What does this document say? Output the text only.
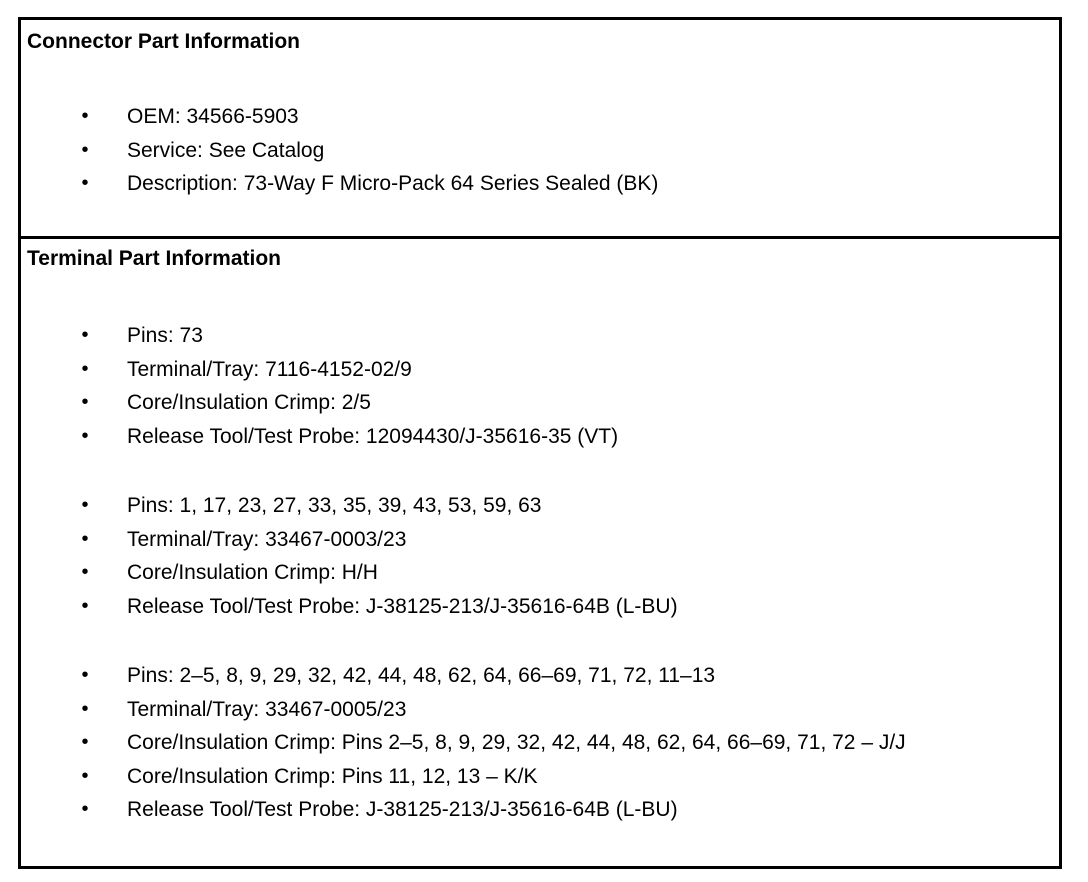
Connector Part Information
• OEM: 34566-5903
• Service: See Catalog
• Description: 73-Way F Micro-Pack 64 Series Sealed (BK)
Terminal Part Information
• Pins: 73
• Terminal/Tray: 7116-4152-02/9
• Core/Insulation Crimp: 2/5
• Release Tool/Test Probe: 12094430/J-35616-35 (VT)
• Pins: 1, 17, 23, 27, 33, 35, 39, 43, 53, 59, 63
• Terminal/Tray: 33467-0003/23
• Core/Insulation Crimp: H/H
• Release Tool/Test Probe: J-38125-213/J-35616-64B (L-BU)
• Pins: 2–5, 8, 9, 29, 32, 42, 44, 48, 62, 64, 66–69, 71, 72, 11–13
• Terminal/Tray: 33467-0005/23
• Core/Insulation Crimp: Pins 2–5, 8, 9, 29, 32, 42, 44, 48, 62, 64, 66–69, 71, 72 – J/J
• Core/Insulation Crimp: Pins 11, 12, 13 – K/K
• Release Tool/Test Probe: J-38125-213/J-35616-64B (L-BU)
